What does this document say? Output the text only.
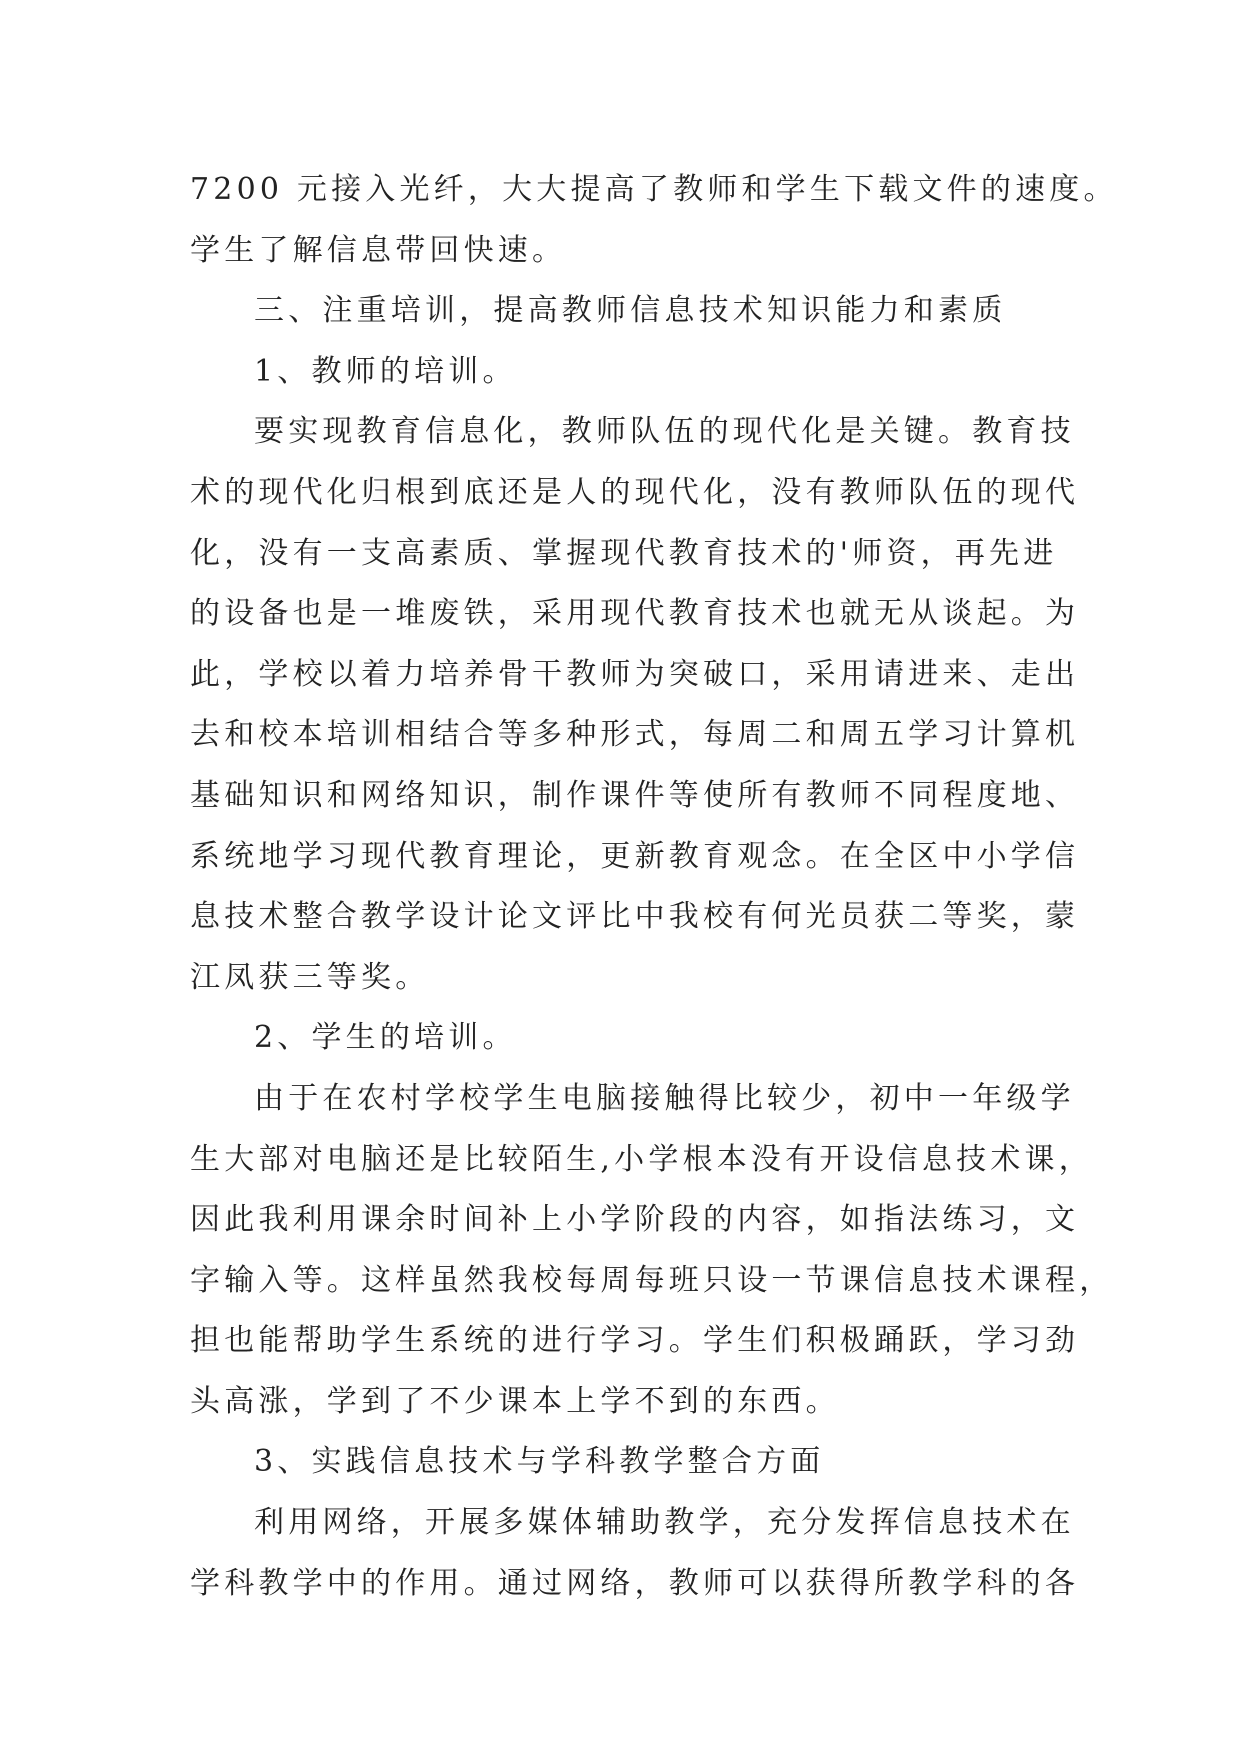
7200 元接入光纤，大大提高了教师和学生下载文件的速度。
学生了解信息带回快速。
三、注重培训，提高教师信息技术知识能力和素质
1、教师的培训。
要实现教育信息化，教师队伍的现代化是关键。教育技
术的现代化归根到底还是人的现代化，没有教师队伍的现代
化，没有一支高素质、掌握现代教育技术的'师资，再先进
的设备也是一堆废铁，采用现代教育技术也就无从谈起。为
此，学校以着力培养骨干教师为突破口，采用请进来、走出
去和校本培训相结合等多种形式，每周二和周五学习计算机
基础知识和网络知识，制作课件等使所有教师不同程度地、
系统地学习现代教育理论，更新教育观念。在全区中小学信
息技术整合教学设计论文评比中我校有何光员获二等奖，蒙
江凤获三等奖。
2、学生的培训。
由于在农村学校学生电脑接触得比较少，初中一年级学
生大部对电脑还是比较陌生,小学根本没有开设信息技术课，
因此我利用课余时间补上小学阶段的内容，如指法练习，文
字输入等。这样虽然我校每周每班只设一节课信息技术课程，
担也能帮助学生系统的进行学习。学生们积极踊跃，学习劲
头高涨，学到了不少课本上学不到的东西。
3、实践信息技术与学科教学整合方面
利用网络，开展多媒体辅助教学，充分发挥信息技术在
学科教学中的作用。通过网络，教师可以获得所教学科的各
